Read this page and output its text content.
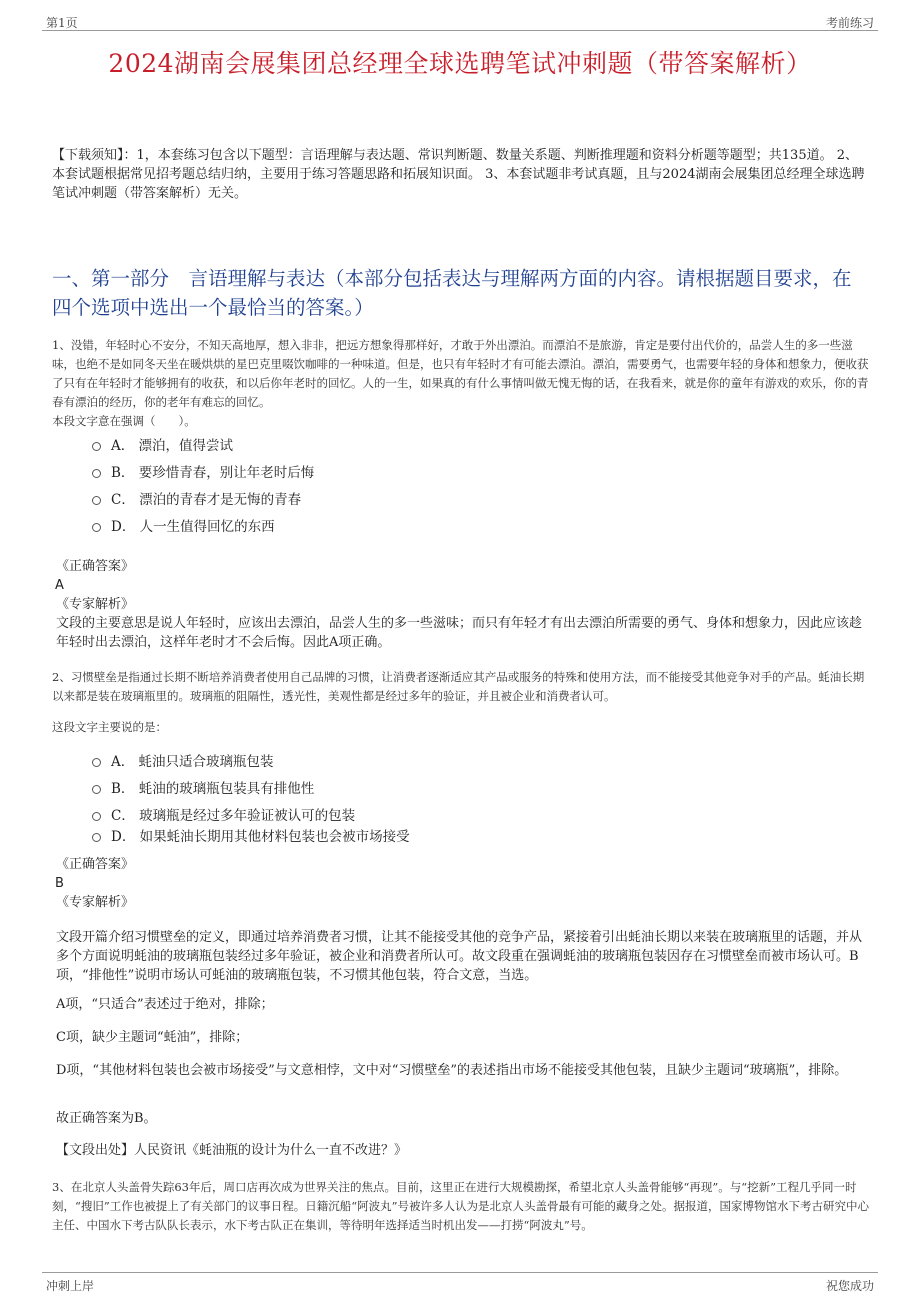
第1页	考前练习
2024湖南会展集团总经理全球选聘笔试冲刺题（带答案解析）

【下载须知】：1，本套练习包含以下题型：言语理解与表达题、常识判断题、数量关系题、判断推理题和资料分析题等题型；共135道。 2、本套试题根据常见招考题总结归纳，主要用于练习答题思路和拓展知识面。 3、本套试题非考试真题，且与2024湖南会展集团总经理全球选聘笔试冲刺题（带答案解析）无关。

一、第一部分　言语理解与表达（本部分包括表达与理解两方面的内容。请根据题目要求，在四个选项中选出一个最恰当的答案。）

1、没错，年轻时心不安分，不知天高地厚，想入非非，把远方想象得那样好，才敢于外出漂泊。而漂泊不是旅游，肯定是要付出代价的，品尝人生的多一些滋味，也绝不是如同冬天坐在暖烘烘的星巴克里啜饮咖啡的一种味道。但是，也只有年轻时才有可能去漂泊。漂泊，需要勇气，也需要年轻的身体和想象力，便收获了只有在年轻时才能够拥有的收获，和以后你年老时的回忆。人的一生，如果真的有什么事情叫做无愧无悔的话，在我看来，就是你的童年有游戏的欢乐，你的青春有漂泊的经历，你的老年有难忘的回忆。

本段文字意在强调（　　）。

A． 漂泊，值得尝试
B． 要珍惜青春，别让年老时后悔
C． 漂泊的青春才是无悔的青春
D． 人一生值得回忆的东西
《正确答案》
A
《专家解析》

文段的主要意思是说人年轻时，应该出去漂泊，品尝人生的多一些滋味；而只有年轻才有出去漂泊所需要的勇气、身体和想象力，因此应该趁年轻时出去漂泊，这样年老时才不会后悔。因此A项正确。

2、习惯壁垒是指通过长期不断培养消费者使用自己品牌的习惯，让消费者逐渐适应其产品或服务的特殊和使用方法，而不能接受其他竞争对手的产品。蚝油长期以来都是装在玻璃瓶里的。玻璃瓶的阻隔性，透光性，美观性都是经过多年的验证，并且被企业和消费者认可。

这段文字主要说的是：

A． 蚝油只适合玻璃瓶包装
B． 蚝油的玻璃瓶包装具有排他性
C． 玻璃瓶是经过多年验证被认可的包装
D． 如果蚝油长期用其他材料包装也会被市场接受
《正确答案》
B
《专家解析》

文段开篇介绍习惯壁垒的定义，即通过培养消费者习惯，让其不能接受其他的竞争产品，紧接着引出蚝油长期以来装在玻璃瓶里的话题，并从多个方面说明蚝油的玻璃瓶包装经过多年验证，被企业和消费者所认可。故文段重在强调蚝油的玻璃瓶包装因存在习惯壁垒而被市场认可。B项，“排他性”说明市场认可蚝油的玻璃瓶包装，不习惯其他包装，符合文意，当选。

A项，“只适合”表述过于绝对，排除；

C项，缺少主题词“蚝油”，排除；

D项，“其他材料包装也会被市场接受”与文意相悖，文中对“习惯壁垒”的表述指出市场不能接受其他包装，且缺少主题词“玻璃瓶”，排除。

故正确答案为B。

【文段出处】人民资讯《蚝油瓶的设计为什么一直不改进？》

3、在北京人头盖骨失踪63年后，周口店再次成为世界关注的焦点。目前，这里正在进行大规模勘探，希望北京人头盖骨能够“再现”。与“挖新”工程几乎同一时刻，“搜旧”工作也被提上了有关部门的议事日程。日籍沉船“阿波丸”号被许多人认为是北京人头盖骨最有可能的藏身之处。据报道，国家博物馆水下考古研究中心主任、中国水下考古队队长表示，水下考古队正在集训，等待明年选择适当时机出发——打捞“阿波丸”号。

冲刺上岸	祝您成功
